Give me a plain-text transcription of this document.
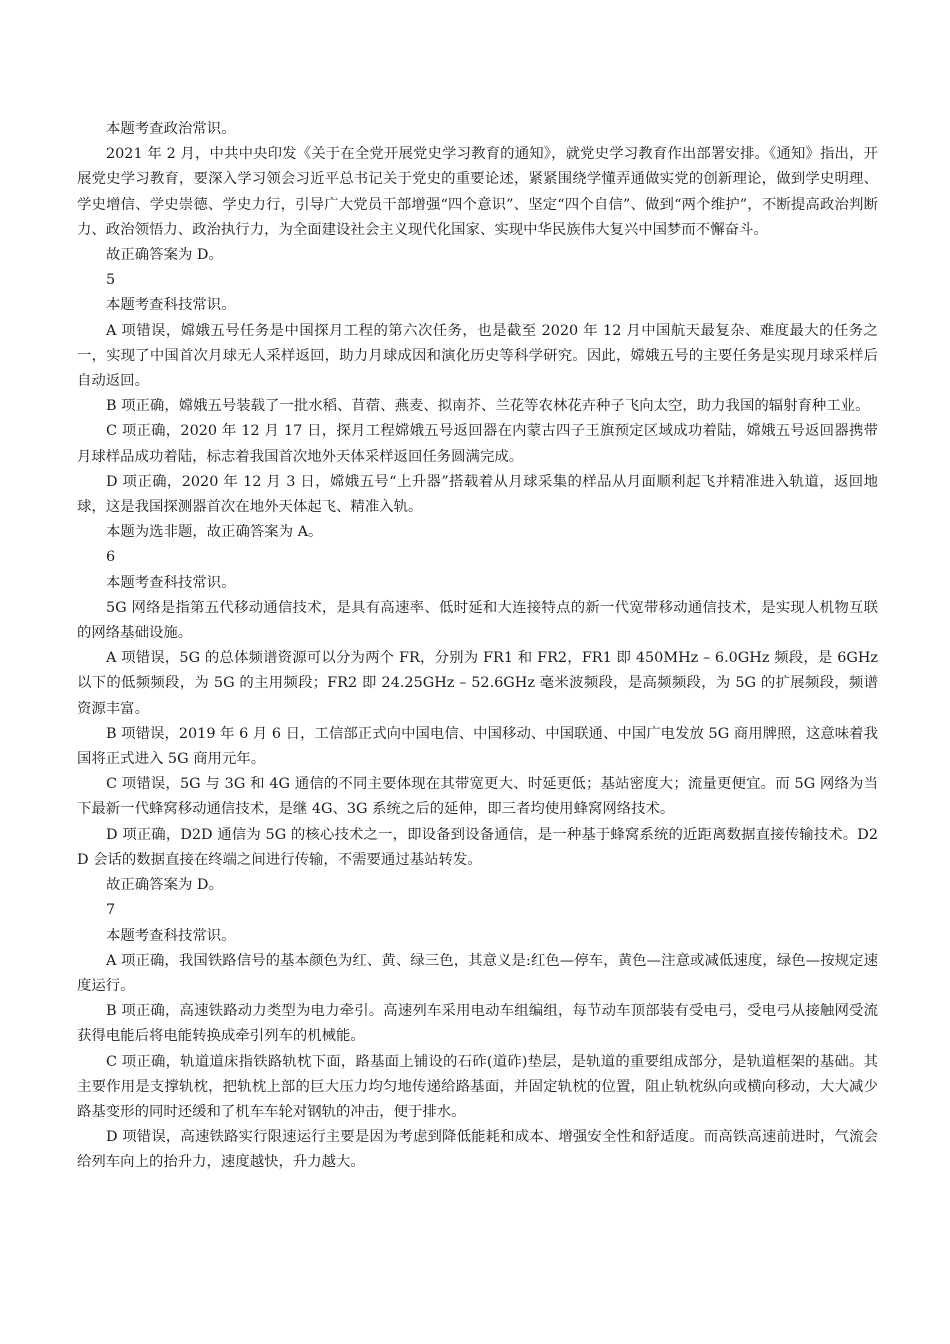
本题考查政治常识。

2021 年 2 月，中共中央印发《关于在全党开展党史学习教育的通知》，就党史学习教育作出部署安排。《通知》指出，开展党史学习教育，要深入学习领会习近平总书记关于党史的重要论述，紧紧围绕学懂弄通做实党的创新理论，做到学史明理、学史增信、学史崇德、学史力行，引导广大党员干部增强“四个意识”、坚定“四个自信”、做到“两个维护”，不断提高政治判断力、政治领悟力、政治执行力，为全面建设社会主义现代化国家、实现中华民族伟大复兴中国梦而不懈奋斗。

故正确答案为 D。

5

本题考查科技常识。

A 项错误，嫦娥五号任务是中国探月工程的第六次任务，也是截至 2020 年 12 月中国航天最复杂、难度最大的任务之一，实现了中国首次月球无人采样返回，助力月球成因和演化历史等科学研究。因此，嫦娥五号的主要任务是实现月球采样后自动返回。

B 项正确，嫦娥五号装载了一批水稻、苜蓿、燕麦、拟南芥、兰花等农林花卉种子飞向太空，助力我国的辐射育种工业。

C 项正确，2020 年 12 月 17 日，探月工程嫦娥五号返回器在内蒙古四子王旗预定区域成功着陆，嫦娥五号返回器携带月球样品成功着陆，标志着我国首次地外天体采样返回任务圆满完成。

D 项正确，2020 年 12 月 3 日，嫦娥五号“上升器”搭载着从月球采集的样品从月面顺利起飞并精准进入轨道，返回地球，这是我国探测器首次在地外天体起飞、精准入轨。

本题为选非题，故正确答案为 A。

6

本题考查科技常识。

5G 网络是指第五代移动通信技术，是具有高速率、低时延和大连接特点的新一代宽带移动通信技术，是实现人机物互联的网络基础设施。

A 项错误，5G 的总体频谱资源可以分为两个 FR，分别为 FR1 和 FR2，FR1 即 450MHz – 6.0GHz 频段，是 6GHz 以下的低频频段，为 5G 的主用频段；FR2 即 24.25GHz – 52.6GHz 毫米波频段，是高频频段，为 5G 的扩展频段，频谱资源丰富。

B 项错误，2019 年 6 月 6 日，工信部正式向中国电信、中国移动、中国联通、中国广电发放 5G 商用牌照，这意味着我国将正式进入 5G 商用元年。

C 项错误，5G 与 3G 和 4G 通信的不同主要体现在其带宽更大、时延更低；基站密度大；流量更便宜。而 5G 网络为当下最新一代蜂窝移动通信技术，是继 4G、3G 系统之后的延伸，即三者均使用蜂窝网络技术。

D 项正确，D2D 通信为 5G 的核心技术之一，即设备到设备通信，是一种基于蜂窝系统的近距离数据直接传输技术。D2D 会话的数据直接在终端之间进行传输，不需要通过基站转发。

故正确答案为 D。

7

本题考查科技常识。

A 项正确，我国铁路信号的基本颜色为红、黄、绿三色，其意义是:红色—停车，黄色—注意或减低速度，绿色—按规定速度运行。

B 项正确，高速铁路动力类型为电力牵引。高速列车采用电动车组编组，每节动车顶部装有受电弓，受电弓从接触网受流获得电能后将电能转换成牵引列车的机械能。

C 项正确，轨道道床指铁路轨枕下面，路基面上铺设的石砟(道砟)垫层，是轨道的重要组成部分，是轨道框架的基础。其主要作用是支撑轨枕，把轨枕上部的巨大压力均匀地传递给路基面，并固定轨枕的位置，阻止轨枕纵向或横向移动，大大减少路基变形的同时还缓和了机车车轮对钢轨的冲击，便于排水。

D 项错误，高速铁路实行限速运行主要是因为考虑到降低能耗和成本、增强安全性和舒适度。而高铁高速前进时，气流会给列车向上的抬升力，速度越快，升力越大。
